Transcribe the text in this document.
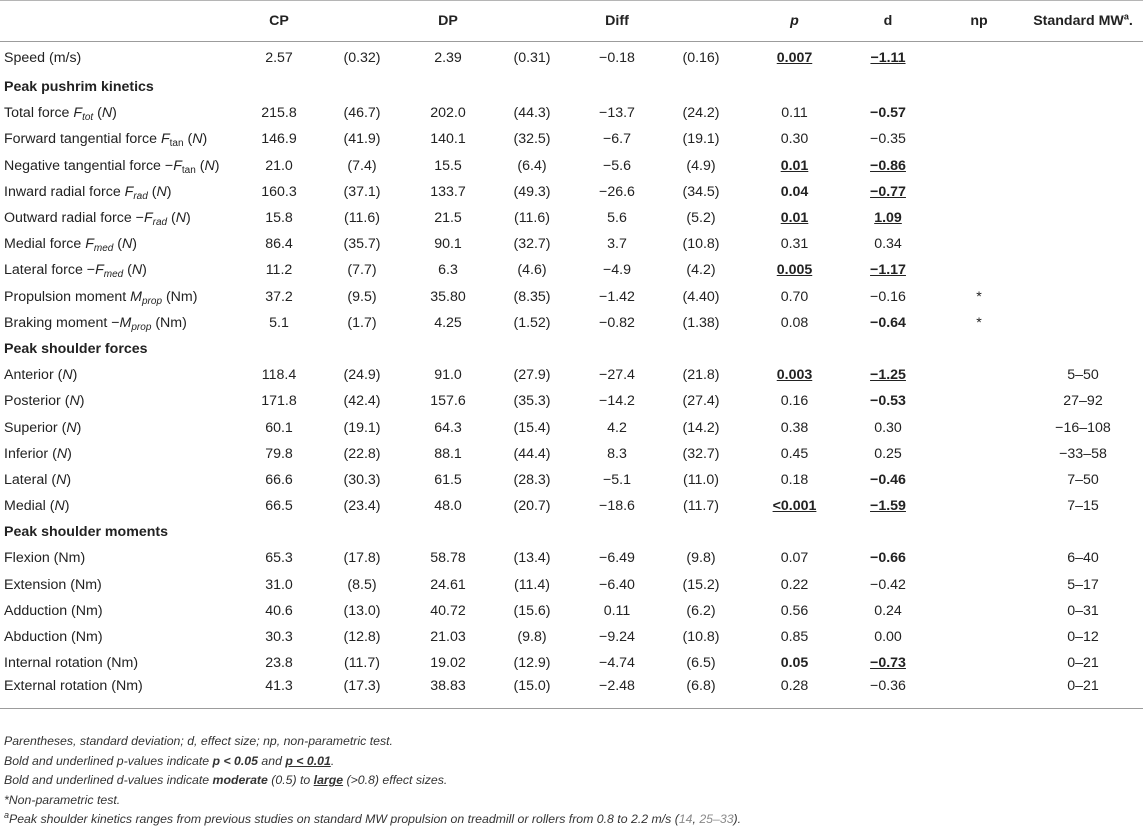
	CP		DP		Diff		p	d	np	Standard $MW^a$.
Speed (m/s)	2.57	(0.32)	2.39	(0.31)	−0.18	(0.16)	0.007	−1.11		
Peak pushrim kinetics										
Total force $F_{tot}$ (N)	215.8	(46.7)	202.0	(44.3)	−13.7	(24.2)	0.11	−0.57		
Forward tangential force $F_{tan}$ (N)	146.9	(41.9)	140.1	(32.5)	−6.7	(19.1)	0.30	−0.35		
Negative tangential force $-F_{tan}$ (N)	21.0	(7.4)	15.5	(6.4)	−5.6	(4.9)	0.01	−0.86		
Inward radial force $F_{rad}$ (N)	160.3	(37.1)	133.7	(49.3)	−26.6	(34.5)	0.04	−0.77		
Outward radial force $-F_{rad}$ (N)	15.8	(11.6)	21.5	(11.6)	5.6	(5.2)	0.01	1.09		
Medial force $F_{med}$ (N)	86.4	(35.7)	90.1	(32.7)	3.7	(10.8)	0.31	0.34		
Lateral force $-F_{med}$ (N)	11.2	(7.7)	6.3	(4.6)	−4.9	(4.2)	0.005	−1.17		
Propulsion moment $M_{prop}$ (Nm)	37.2	(9.5)	35.80	(8.35)	−1.42	(4.40)	0.70	−0.16	*	
Braking moment $-M_{prop}$ (Nm)	5.1	(1.7)	4.25	(1.52)	−0.82	(1.38)	0.08	−0.64	*	
Peak shoulder forces										
Anterior (N)	118.4	(24.9)	91.0	(27.9)	−27.4	(21.8)	0.003	−1.25		5–50
Posterior (N)	171.8	(42.4)	157.6	(35.3)	−14.2	(27.4)	0.16	−0.53		27–92
Superior (N)	60.1	(19.1)	64.3	(15.4)	4.2	(14.2)	0.38	0.30		−16–108
Inferior (N)	79.8	(22.8)	88.1	(44.4)	8.3	(32.7)	0.45	0.25		−33–58
Lateral (N)	66.6	(30.3)	61.5	(28.3)	−5.1	(11.0)	0.18	−0.46		7–50
Medial (N)	66.5	(23.4)	48.0	(20.7)	−18.6	(11.7)	<0.001	−1.59		7–15
Peak shoulder moments										
Flexion (Nm)	65.3	(17.8)	58.78	(13.4)	−6.49	(9.8)	0.07	−0.66		6–40
Extension (Nm)	31.0	(8.5)	24.61	(11.4)	−6.40	(15.2)	0.22	−0.42		5–17
Adduction (Nm)	40.6	(13.0)	40.72	(15.6)	0.11	(6.2)	0.56	0.24		0–31
Abduction (Nm)	30.3	(12.8)	21.03	(9.8)	−9.24	(10.8)	0.85	0.00		0–12
Internal rotation (Nm)	23.8	(11.7)	19.02	(12.9)	−4.74	(6.5)	0.05	−0.73		0–21
External rotation (Nm)	41.3	(17.3)	38.83	(15.0)	−2.48	(6.8)	0.28	−0.36		0–21
Parentheses, standard deviation; d, effect size; np, non-parametric test.
Bold and underlined p-values indicate p < 0.05 and p < 0.01.
Bold and underlined d-values indicate moderate (0.5) to large (>0.8) effect sizes.
*Non-parametric test.
$^a$Peak shoulder kinetics ranges from previous studies on standard MW propulsion on treadmill or rollers from 0.8 to 2.2 m/s (14, 25–33).
